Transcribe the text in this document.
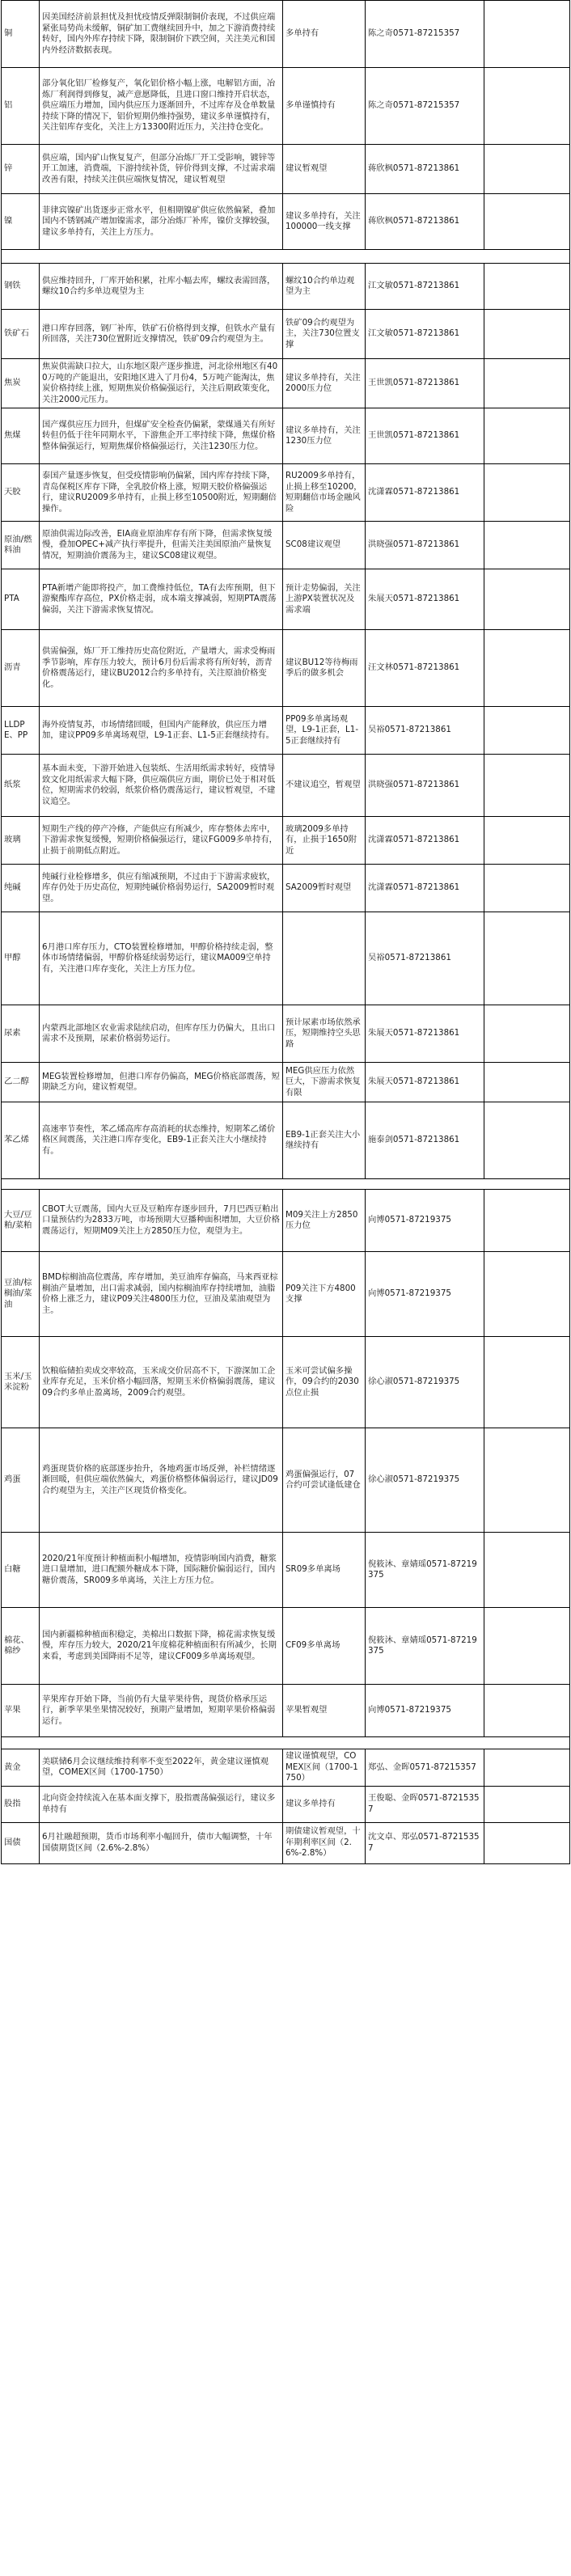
铜	因美国经济前景担忧及担忧疫情反弹限制铜价表现，不过供应端紧张局势尚未缓解，铜矿加工费继续回升中，加之下游消费持续转好，国内外库存持续下降，限制铜价下跌空间，关注美元和国内外经济数据表现。	多单持有	陈之奇0571-87215357	

铝	部分氧化铝厂检修复产，氧化铝价格小幅上涨，电解铝方面，冶炼厂利润得到修复，减产意愿降低，且进口窗口维持开启状态，供应端压力增加，国内供应压力逐渐回升，不过库存及仓单数量持续下降的情况下，铝价短期仍维持强势，建议多单谨慎持有，关注铝库存变化，关注上方13300附近压力，关注持仓变化。	多单谨慎持有	陈之奇0571-87215357	

锌	供应端，国内矿山恢复复产，但部分冶炼厂开工受影响，镀锌等开工加速，消费端，下游持续补货，锌价得到支撑，不过需求端改善有限，持续关注供应端恢复情况，建议暂观望	建议暂观望	蒋欣枫0571-87213861	

镍	菲律宾镍矿出货逐步正常水平，但相期镍矿供应依然偏紧，叠加国内不锈钢减产增加镍需求，部分冶炼厂补库，镍价支撑较强，建议多单持有，关注上方压力。	建议多单持有，关注100000一线支撑	蒋欣枫0571-87213861	

钢铁	供应维持回升，厂库开始积累，社库小幅去库，螺纹表需回落，螺纹10合约多单边观望为主	螺纹10合约单边观望为主	江文敏0571-87213861	

铁矿石	港口库存回落，钢厂补库，铁矿石价格得到支撑，但铁水产量有所回落，关注730位置附近支撑情况，铁矿09合约观望为主。	铁矿09合约观望为主，关注730位置支撑	江文敏0571-87213861	

焦炭	焦炭供需缺口拉大，山东地区限产逐步推进，河北徐州地区有400万吨的产能退出，安阳地区进入了月份4，5万吨产能淘汰，焦炭价格持续上涨，短期焦炭价格偏强运行，关注后期政策变化，关注2000元压力。	建议多单持有，关注2000压力位	王世凯0571-87213861	

焦煤	国产煤供应压力回升，但煤矿安全检查仍偏紧，蒙煤通关有所好转但仍低于往年同期水平，下游焦企开工率持续下降，焦煤价格整体偏强运行，短期焦煤价格偏强运行，关注1230压力位。	建议多单持有，关注1230压力位	王世凯0571-87213861	

天胶	泰国产量逐步恢复，但受疫情影响仍偏紧，国内库存持续下降，青岛保税区库存下降，全乳胶价格上涨，短期天胶价格偏强运行，建议RU2009多单持有，止损上移至10500附近，短期翻倍操作。	RU2009多单持有，止损上移至10200，短期翻倍市场金融风险	沈潇霖0571-87213861	

原油/燃料油	原油供需边际改善，EIA商业原油库存有所下降，但需求恢复缓慢，叠加OPEC+减产执行率提升，但需关注美国原油产量恢复情况，短期油价震荡为主，建议SC08建议观望。	SC08建议观望	洪晓强0571-87213861	

PTA	PTA新增产能即将投产，加工费维持低位，TA有去库预期，但下游聚酯库存高位，PX价格走弱，成本端支撑减弱，短期PTA震荡偏弱，关注下游需求恢复情况。	预计走势偏弱，关注上游PX装置状况及需求端	朱展天0571-87213861	

沥青	供需偏强，炼厂开工维持历史高位附近，产量增大，需求受梅雨季节影响，库存压力较大，预计6月份后需求将有所好转，沥青价格震荡运行，建议BU2012合约多单持有，关注原油价格变化。	建议BU12等待梅雨季后的做多机会	汪文林0571-87213861	

LLDPE、PP	海外疫情复苏，市场情绪回暖，但国内产能释放，供应压力增加，建议PP09多单离场观望，L9-1正套、L1-5正套继续持有。	PP09多单离场观望，L9-1正套，L1-5正套继续持有	吴裕0571-87213861	

纸浆	基本面未变，下游开始进入包装纸、生活用纸需求转好，疫情导致文化用纸需求大幅下降，供应端供应方面，期价已处于相对低位，短期需求仍较弱，纸浆价格仍震荡运行，建议暂观望，不建议追空。	不建议追空，暂观望	洪晓强0571-87213861	

玻璃	短期生产线的停产冷修，产能供应有所减少，库存整体去库中，下游需求恢复缓慢，短期价格偏强运行，建议FG009多单持有，止损于前期低点附近。	玻璃2009多单持有，止损于1650附近	沈潇霖0571-87213861	

纯碱	纯碱行业检修增多，供应有缩减预期，不过由于下游需求疲软，库存仍处于历史高位，短期纯碱价格弱势运行，SA2009暂时观望。	SA2009暂时观望	沈潇霖0571-87213861	

甲醇	6月港口库存压力，CTO装置检修增加，甲醇价格持续走弱，整体市场情绪偏弱，甲醇价格延续弱势运行，建议MA009空单持有，关注港口库存变化，关注上方压力位。		吴裕0571-87213861	

尿素	内蒙西北部地区农业需求陆续启动，但库存压力仍偏大，且出口需求不及预期，尿素价格弱势运行。	预计尿素市场依然承压，短期维持空头思路	朱展天0571-87213861	

乙二醇	MEG装置检修增加，但港口库存仍偏高，MEG价格底部震荡，短期缺乏方向，建议暂观望。	MEG供应压力依然巨大，下游需求恢复有限	朱展天0571-87213861	

苯乙烯	高速率节奏性，苯乙烯高库存高消耗的状态维持，短期苯乙烯价格区间震荡，关注港口库存变化，EB9-1正套关注大小继续持有。	EB9-1正套关注大小继续持有	施泰剑0571-87213861	

大豆/豆粕/菜粕	CBOT大豆震荡，国内大豆及豆粕库存逐步回升，7月巴西豆粕出口量预估约为2833万吨，市场预期大豆播种面积增加，大豆价格震荡运行，短期M09关注上方2850压力位，观望为主。	M09关注上方2850压力位	向博0571-87219375	

豆油/棕榈油/菜油	BMD棕榈油高位震荡，库存增加，美豆油库存偏高，马来西亚棕榈油产量增加，出口需求减弱，国内棕榈油库存持续增加，油脂价格上涨乏力，建议P09关注4800压力位，豆油及菜油观望为主。	P09关注下方4800支撑	向博0571-87219375	

玉米/玉米淀粉	饮粮临储拍卖成交率较高，玉米成交价居高不下，下游深加工企业库存充足，玉米价格小幅回落，短期玉米价格偏弱震荡，建议09合约多单止盈离场，2009合约观望。	玉米可尝试偏多操作，09合约的2030点位止损	徐心淑0571-87219375	

鸡蛋	鸡蛋现货价格的底部逐步抬升，各地鸡蛋市场反弹，补栏情绪逐渐回暖，但供应端依然偏大，鸡蛋价格整体偏弱运行，建议JD09合约观望为主，关注产区现货价格变化。	鸡蛋偏强运行，07合约可尝试逢低建仓	徐心淑0571-87219375	

白糖	2020/21年度预计种植面积小幅增加，疫情影响国内消费，糖浆进口量增加，进口配额外糖成本下降，国际糖价偏弱运行，国内糖价震荡，SR009多单离场，关注上方压力位。	SR09多单离场	倪筱沐、章婧瑶0571-87219375	

棉花、棉纱	国内新疆棉种植面积稳定，美棉出口数据下降，棉花需求恢复缓慢，库存压力较大，2020/21年度棉花种植面积有所减少，长期来看，考虑到美国降雨不足等，建议CF009多单离场观望。	CF09多单离场	倪筱沐、章婧瑶0571-87219375	

苹果	苹果库存开始下降，当前仍有大量苹果待售，现货价格承压运行，新季苹果坐果情况较好，预期产量增加，短期苹果价格偏弱运行。	苹果暂观望	向博0571-87219375	

黄金	美联储6月会议继续维持利率不变至2022年，黄金建议谨慎观望，COMEX区间（1700-1750）	建议谨慎观望，COMEX区间（1700-1750）	郑弘、金晖0571-87215357	

股指	北向资金持续流入在基本面支撑下，股指震荡偏强运行，建议多单持有	建议多单持有	王俊聪、金晖0571-87215357	

国债	6月社融超预期，货币市场利率小幅回升，债市大幅调整，十年国债期货区间（2.6%-2.8%）	期债建议暂观望，十年期利率区间（2.6%-2.8%）	沈文卓、郑弘0571-87215357	
